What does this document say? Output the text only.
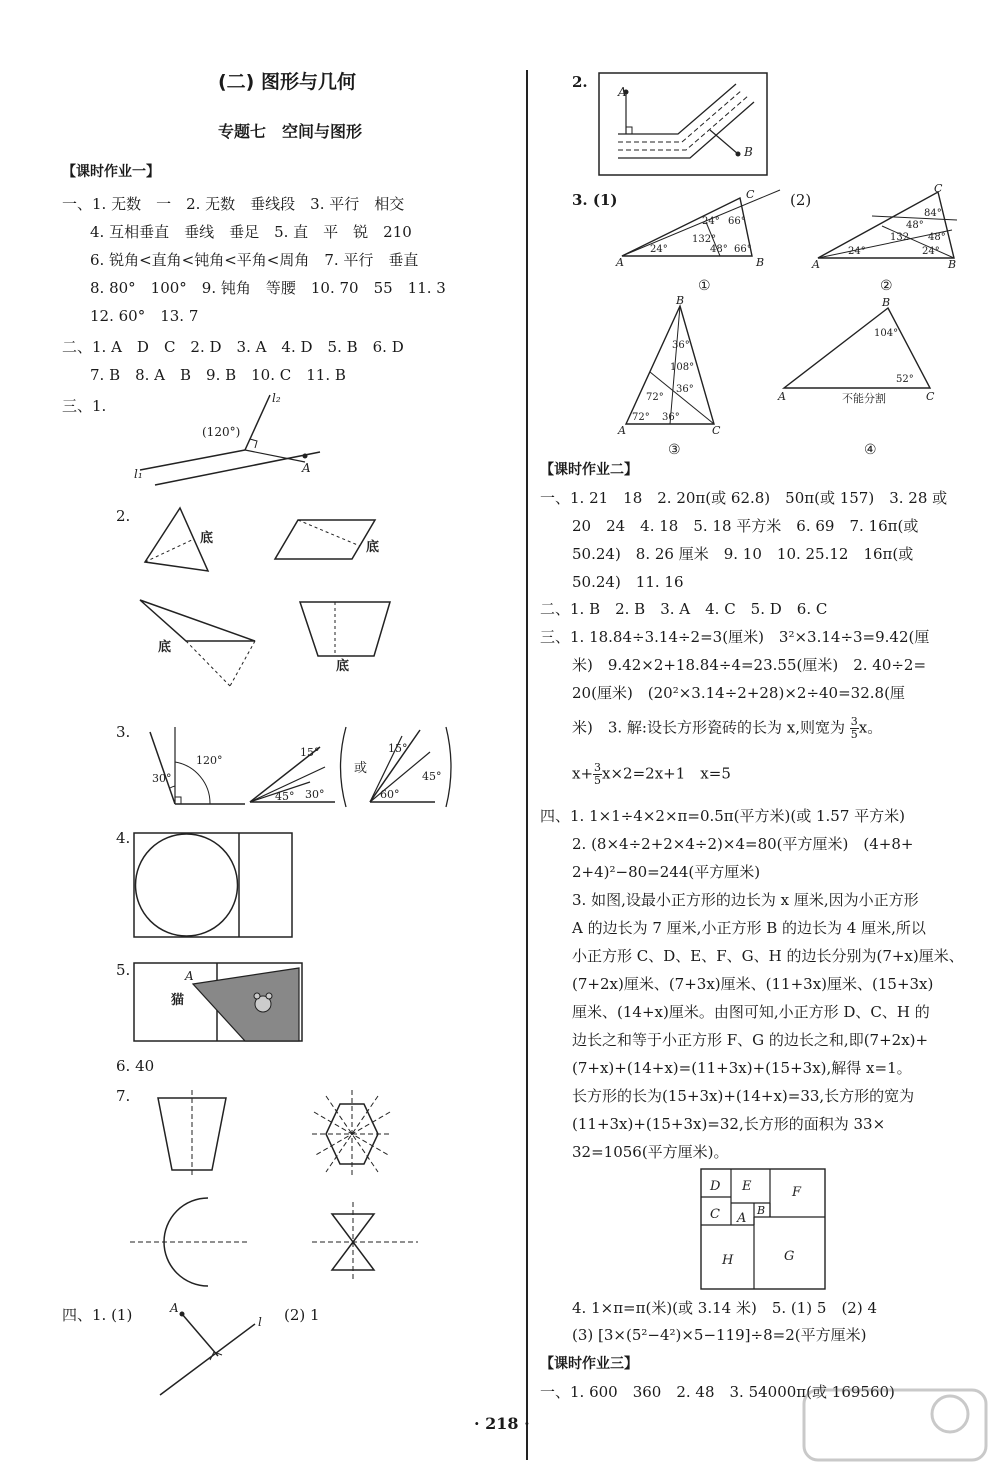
(二) 图形与几何
专题七　空间与图形
【课时作业一】
一、1. 无数　一　2. 无数　垂线段　3. 平行　相交
4. 互相垂直　垂线　垂足　5. 直　平　锐　210
6. 锐角<直角<钝角<平角<周角　7. 平行　垂直
8. 80°　100°　9. 钝角　等腰　10. 70　55　11. 3
12. 60°　13. 7
二、1. A　D　C　2. D　3. A　4. D　5. B　6. D
7. B　8. A　B　9. B　10. C　11. B
三、1.
(120°)
l₂
l₁	A
2.
底
底
底
底
3.
30°
120°
15°
45° 30°
或
15°
45°
60°
4.
5.	A
猫
6. 40
7.
四、1. (1)	(2) 1
A
l
2.
A
B
3. (1)	(2)
A	B
C
24° 66°
24°
132°
48° 66°
①
A	B
C
84°
48°
132 48°
24°	24°
②
B
A	C
36°
108°
36°
72°
72° 36°
③
B
A	C
104°
52°
不能分割
④
【课时作业二】
一、1. 21　18　2. 20π(或 62.8)　50π(或 157)　3. 28 或
20　24　4. 18　5. 18 平方米　6. 69　7. 16π(或
50.24)　8. 26 厘米　9. 10　10. 25.12　16π(或
50.24)　11. 16
二、1. B　2. B　3. A　4. C　5. D　6. C
三、1. 18.84÷3.14÷2=3(厘米)　3²×3.14÷3=9.42(厘
米)　9.42×2+18.84÷4=23.55(厘米)　2. 40÷2=
20(厘米)　(20²×3.14÷2+28)×2÷40=32.8(厘
米)　3. 解:设长方形瓷砖的长为 x,则宽为 $\frac{3}{5}$ x。
$x+ \frac{3}{5} x\times 2=2x+1$　x=5
四、1. 1×1÷4×2×π=0.5π(平方米)(或 1.57 平方米)
2. (8×4÷2+2×4÷2)×4=80(平方厘米)　(4+8+
2+4)²−80=244(平方厘米)
3. 如图,设最小正方形的边长为 x 厘米,因为小正方形
A 的边长为 7 厘米,小正方形 B 的边长为 4 厘米,所以
小正方形 C、D、E、F、G、H 的边长分别为(7+x)厘米、
(7+2x)厘米、(7+3x)厘米、(11+3x)厘米、(15+3x)
厘米、(14+x)厘米。由图可知,小正方形 D、C、H 的
边长之和等于小正方形 F、G 的边长之和,即(7+2x)+
(7+x)+(14+x)=(11+3x)+(15+3x),解得 x=1。
长方形的长为(15+3x)+(14+x)=33,长方形的宽为
(11+3x)+(15+3x)=32,长方形的面积为 33×
32=1056(平方厘米)。
D E	F
C A
B
H	G
4. 1×π=π(米)(或 3.14 米)　5. (1) 5　(2) 4
(3) [3×(5²−4²)×5−119]÷8=2(平方厘米)
【课时作业三】
一、1. 600　360　2. 48　3. 54000π(或 169560)
· 218 ·
